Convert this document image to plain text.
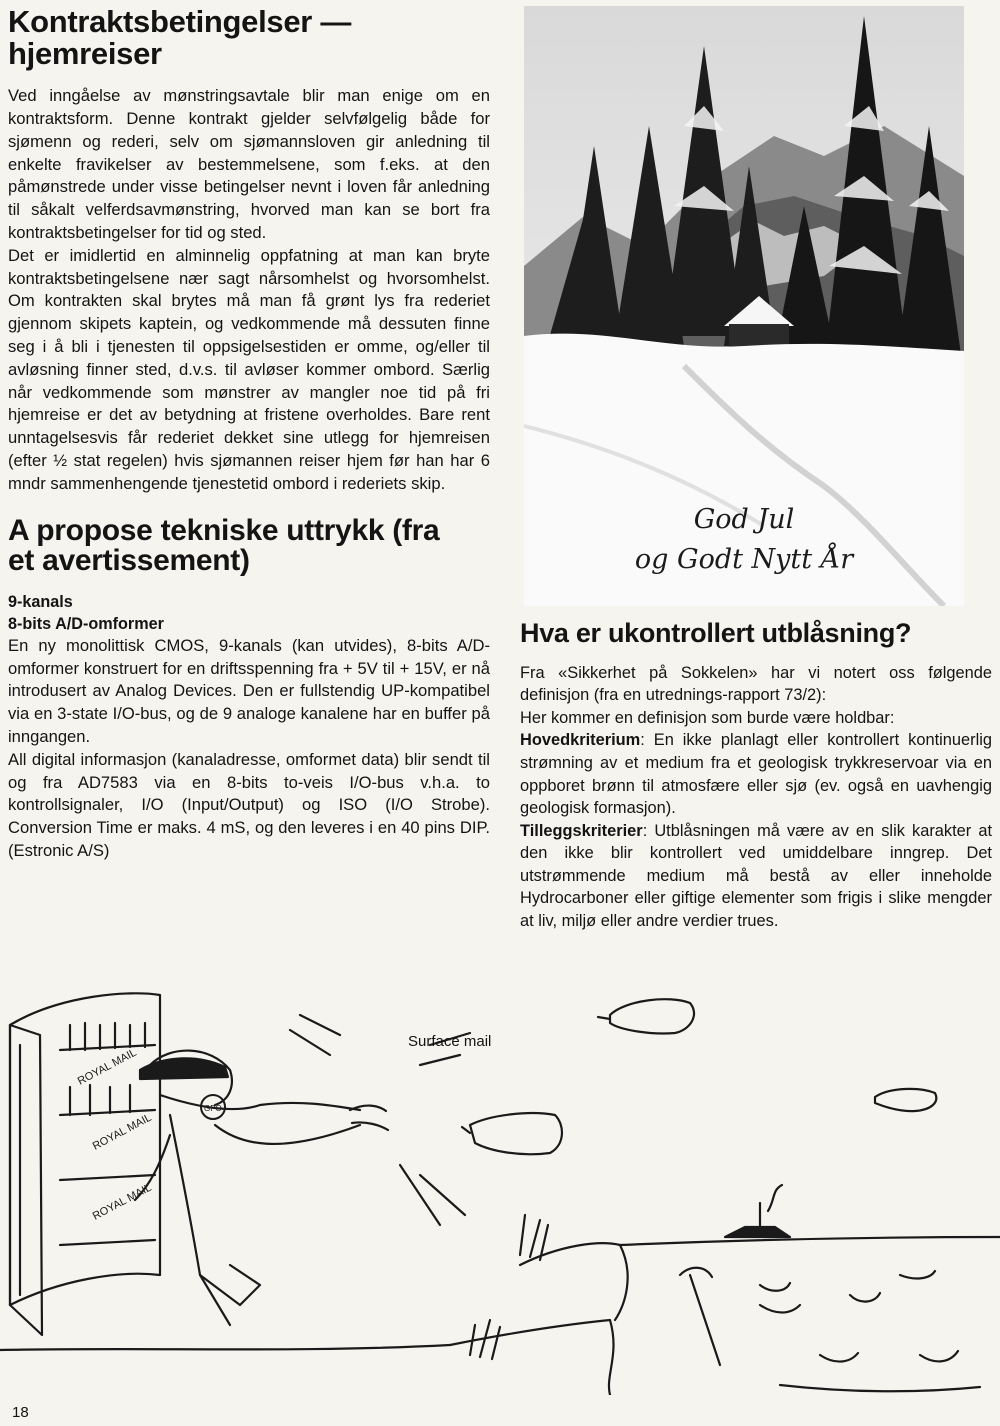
Kontraktsbetingelser —
hjemreiser

Ved inngåelse av mønstringsavtale blir man enige om en kontraktsform. Denne kontrakt gjelder selvfølgelig både for sjømenn og rederi, selv om sjømannsloven gir anledning til enkelte fravikelser av bestemmelsene, som f.eks. at den påmønstrede under visse betingelser nevnt i loven får anledning til såkalt velferdsavmønstring, hvorved man kan se bort fra kontraktsbetingelser for tid og sted.

Det er imidlertid en alminnelig oppfatning at man kan bryte kontraktsbetingelsene nær sagt nårsomhelst og hvorsomhelst. Om kontrakten skal brytes må man få grønt lys fra rederiet gjennom skipets kaptein, og vedkommende må dessuten finne seg i å bli i tjenesten til oppsigelsestiden er omme, og/eller til avløsning finner sted, d.v.s. til avløser kommer ombord. Særlig når vedkommende som mønstrer av mangler noe tid på fri hjemreise er det av betydning at fristene overholdes. Bare rent unntagelsesvis får rederiet dekket sine utlegg for hjemreisen (efter ½ stat regelen) hvis sjømannen reiser hjem før han har 6 mndr sammenhengende tjenestetid ombord i rederiets skip.

A propose tekniske uttrykk (fra
et avertissement)
9-kanals
8-bits A/D-omformer

En ny monolittisk CMOS, 9-kanals (kan utvides), 8-bits A/D-omformer konstruert for en driftsspenning fra + 5V til + 15V, er nå introdusert av Analog Devices. Den er fullstendig UP-kompatibel via en 3-state I/O-bus, og de 9 analoge kanalene har en buffer på inngangen.

All digital informasjon (kanaladresse, omformet data) blir sendt til og fra AD7583 via en 8-bits to-veis I/O-bus v.h.a. to kontrollsignaler, I/O (Input/Output) og ISO (I/O Strobe). Conversion Time er maks. 4 mS, og den leveres i en 40 pins DIP. (Estronic A/S)

God Jul
og Godt Nytt År
Hva er ukontrollert utblåsning?

Fra «Sikkerhet på Sokkelen» har vi notert oss følgende definisjon (fra en utrednings-rapport 73/2):

Her kommer en definisjon som burde være holdbar:

Hovedkriterium: En ikke planlagt eller kontrollert kontinuerlig strømning av et medium fra et geologisk trykkreservoar via en oppboret brønn til atmosfære eller sjø (ev. også en uavhengig geologisk formasjon).

Tilleggskriterier: Utblåsningen må være av en slik karakter at den ikke blir kontrollert ved umiddelbare inngrep. Det utstrømmende medium må bestå av eller inneholde Hydrocarboner eller giftige elementer som frigis i slike mengder at liv, miljø eller andre verdier trues.

ROYAL MAIL
ROYAL MAIL
ROYAL MAIL
GPO
Surface mail
18
